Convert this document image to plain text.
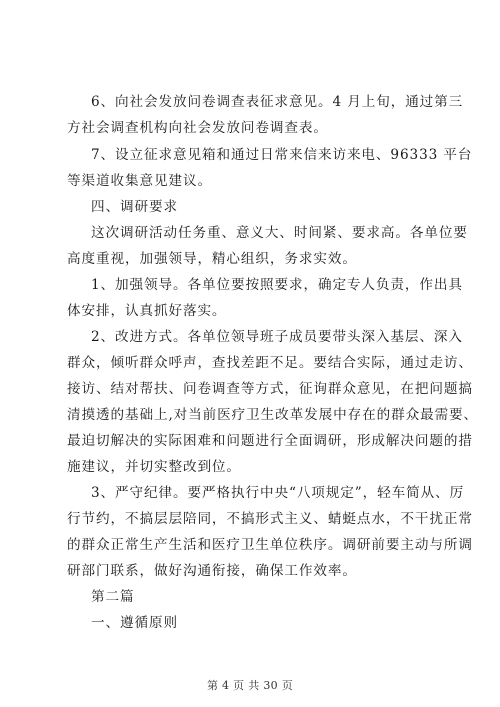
6、向社会发放问卷调查表征求意见。4 月上旬，通过第三
方社会调查机构向社会发放问卷调查表。
7、设立征求意见箱和通过日常来信来访来电、96333 平台
等渠道收集意见建议。
四、调研要求
这次调研活动任务重、意义大、时间紧、要求高。各单位要
高度重视，加强领导，精心组织，务求实效。
1、加强领导。各单位要按照要求，确定专人负责，作出具
体安排，认真抓好落实。
2、改进方式。各单位领导班子成员要带头深入基层、深入
群众，倾听群众呼声，查找差距不足。要结合实际，通过走访、
接访、结对帮扶、问卷调查等方式，征询群众意见，在把问题搞
清摸透的基础上,对当前医疗卫生改革发展中存在的群众最需要、
最迫切解决的实际困难和问题进行全面调研，形成解决问题的措
施建议，并切实整改到位。
3、严守纪律。要严格执行中央“八项规定”，轻车简从、厉
行节约，不搞层层陪同，不搞形式主义、蜻蜓点水，不干扰正常
的群众正常生产生活和医疗卫生单位秩序。调研前要主动与所调
研部门联系，做好沟通衔接，确保工作效率。
第二篇
一、遵循原则
第 4 页 共 30 页
